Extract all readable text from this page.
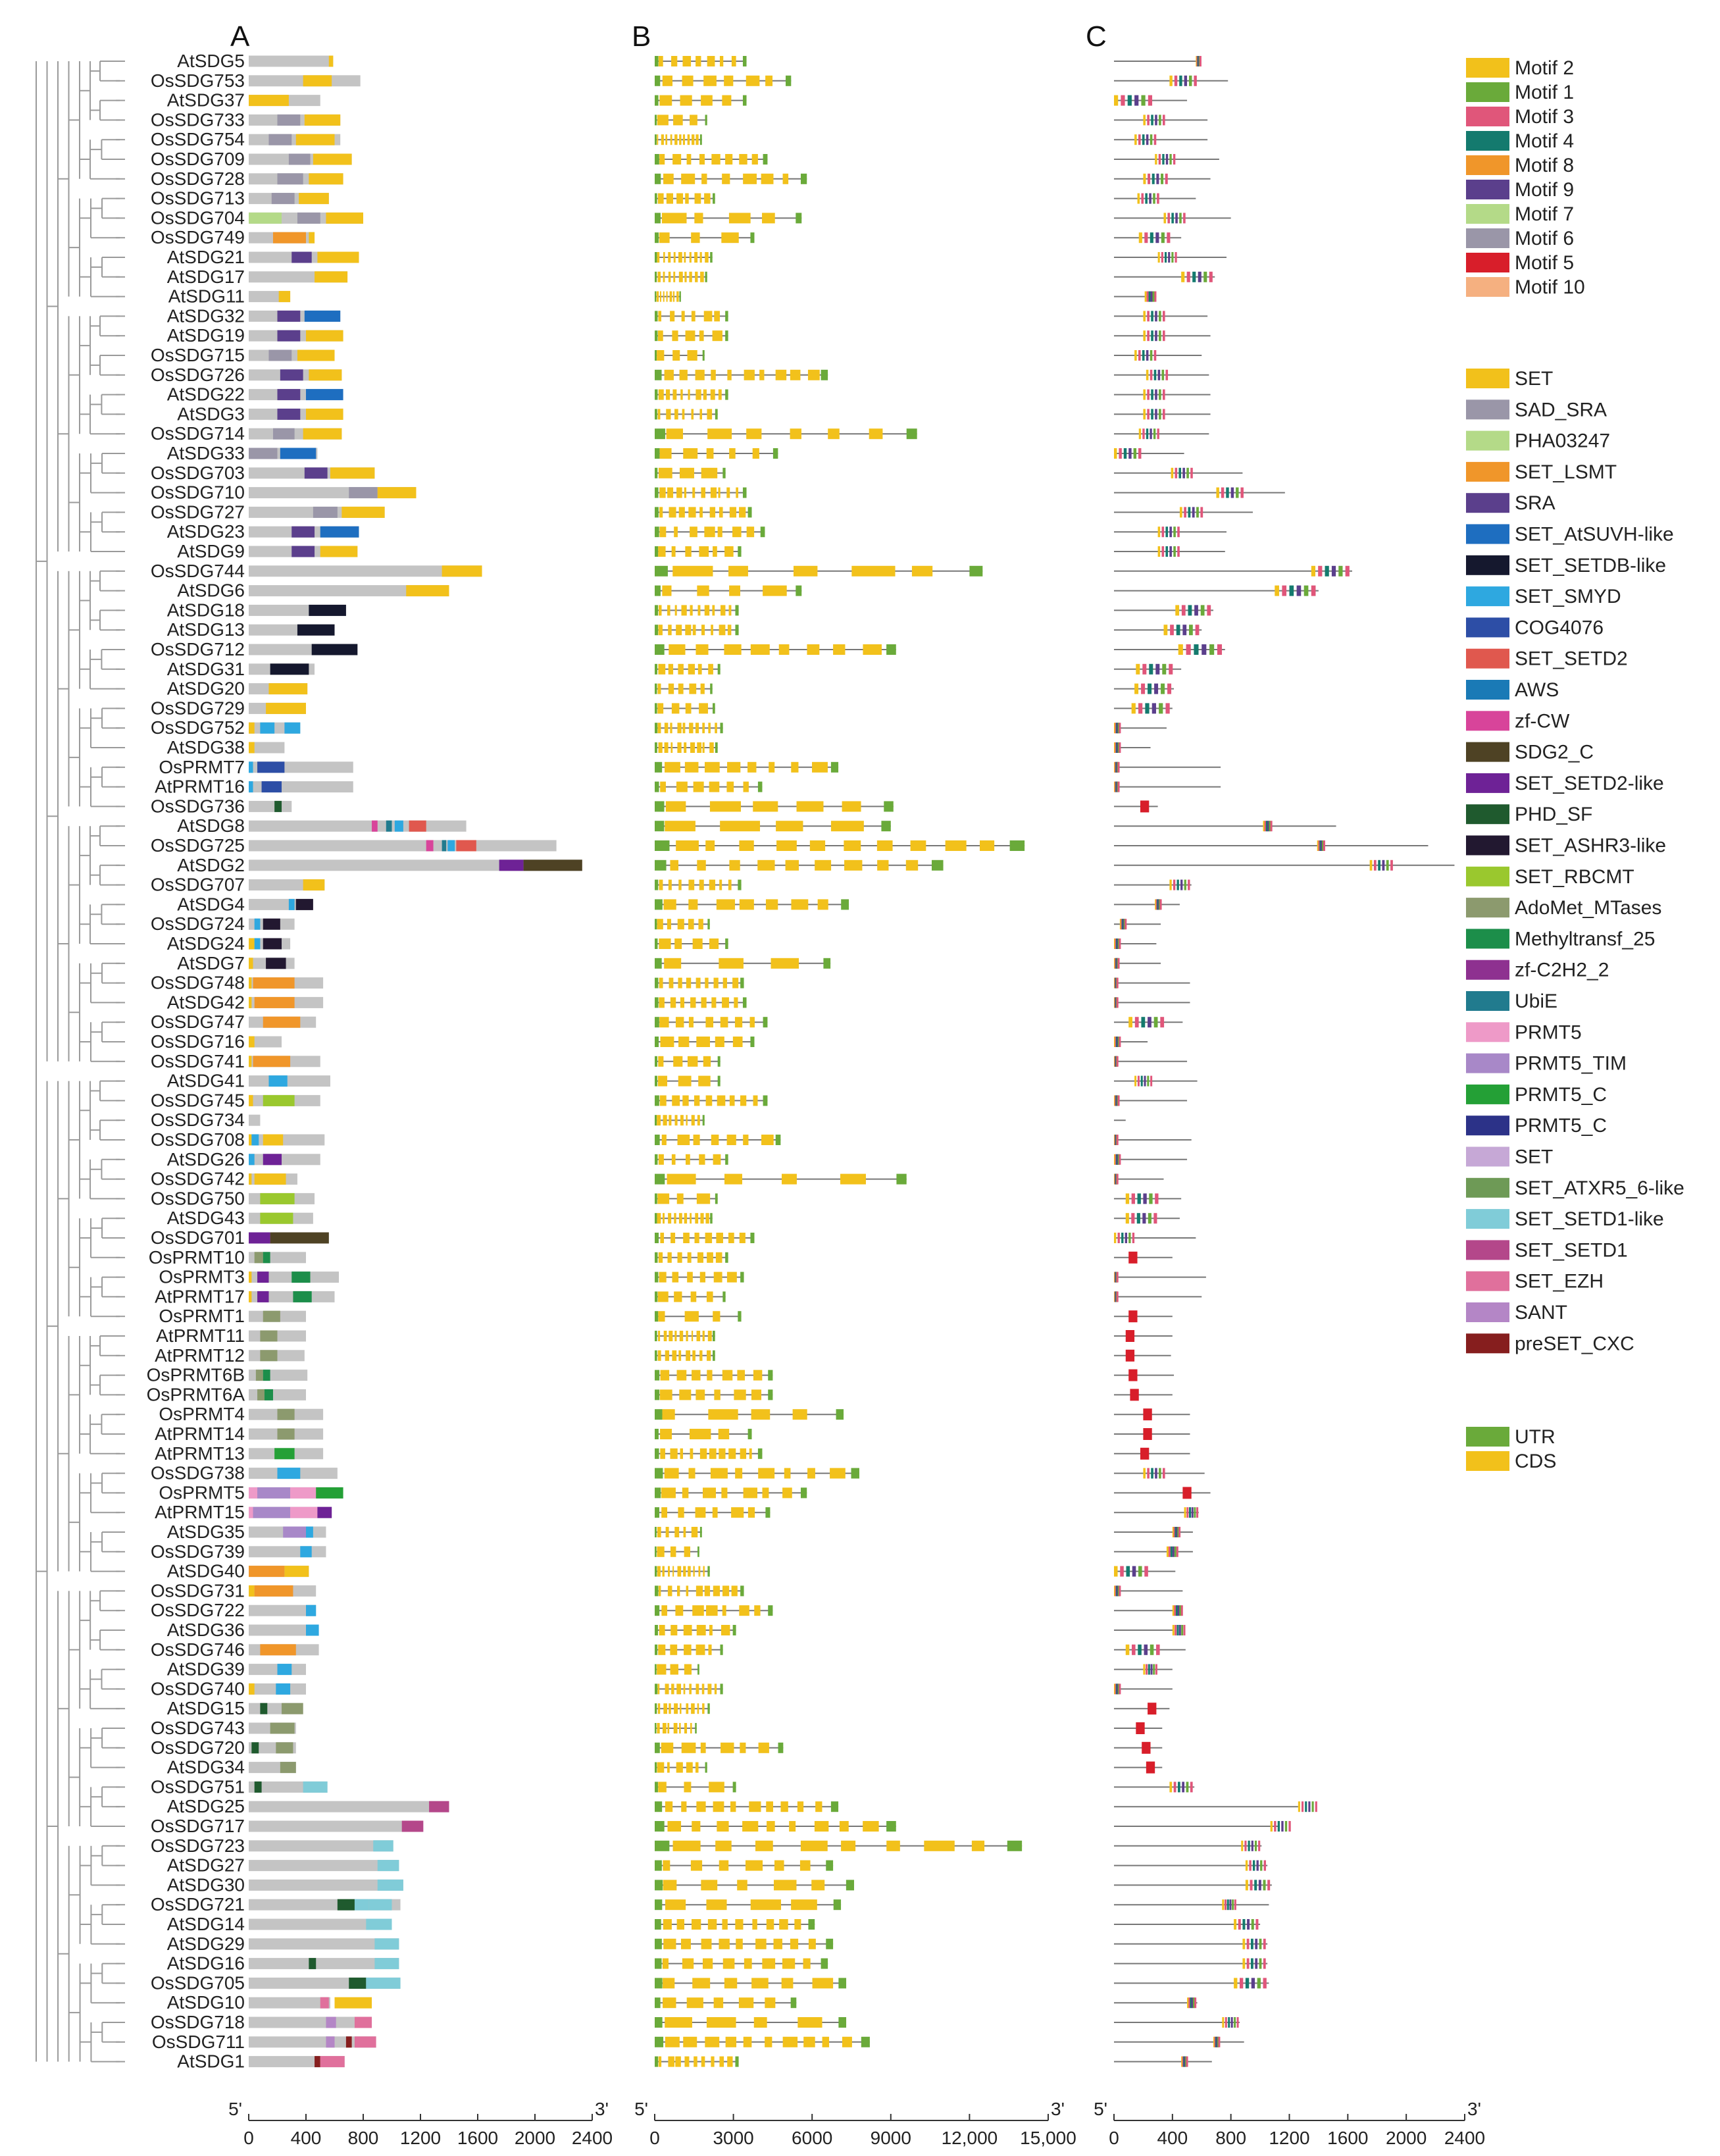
A	B	C
AtSDG5
OsSDG753
AtSDG37
OsSDG733
OsSDG754
OsSDG709
OsSDG728
OsSDG713
OsSDG704
OsSDG749
AtSDG21
AtSDG17
AtSDG11
AtSDG32
AtSDG19
OsSDG715
OsSDG726
AtSDG22
AtSDG3
OsSDG714
AtSDG33
OsSDG703
OsSDG710
OsSDG727
AtSDG23
AtSDG9
OsSDG744
AtSDG6
AtSDG18
AtSDG13
OsSDG712
AtSDG31
AtSDG20
OsSDG729
OsSDG752
AtSDG38
OsPRMT7
AtPRMT16
OsSDG736
AtSDG8
OsSDG725
AtSDG2
OsSDG707
AtSDG4
OsSDG724
AtSDG24
AtSDG7
OsSDG748
AtSDG42
OsSDG747
OsSDG716
OsSDG741
AtSDG41
OsSDG745
OsSDG734
OsSDG708
AtSDG26
OsSDG742
OsSDG750
AtSDG43
OsSDG701
OsPRMT10
OsPRMT3
AtPRMT17
OsPRMT1
AtPRMT11
AtPRMT12
OsPRMT6B
OsPRMT6A
OsPRMT4
AtPRMT14
AtPRMT13
OsSDG738
OsPRMT5
AtPRMT15
AtSDG35
OsSDG739
AtSDG40
OsSDG731
OsSDG722
AtSDG36
OsSDG746
AtSDG39
OsSDG740
AtSDG15
OsSDG743
OsSDG720
AtSDG34
OsSDG751
AtSDG25
OsSDG717
OsSDG723
AtSDG27
AtSDG30
OsSDG721
AtSDG14
AtSDG29
AtSDG16
OsSDG705
AtSDG10
OsSDG718
OsSDG711
AtSDG1
0 400 800 1200 1600 2000 2400
5'	3'
0	3000 6000 9000 12,000 15,000
5'	3'
0 400 800 1200 1600 2000 2400
5'	3'
Motif 2
Motif 1
Motif 3
Motif 4
Motif 8
Motif 9
Motif 7
Motif 6
Motif 5
Motif 10
SET
SAD_SRA
PHA03247
SET_LSMT
SRA
SET_AtSUVH-like
SET_SETDB-like
SET_SMYD
COG4076
SET_SETD2
AWS
zf-CW
SDG2_C
SET_SETD2-like
PHD_SF
SET_ASHR3-like
SET_RBCMT
AdoMet_MTases
Methyltransf_25
zf-C2H2_2
UbiE
PRMT5
PRMT5_TIM
PRMT5_C
PRMT5_C
SET
SET_ATXR5_6-like
SET_SETD1-like
SET_SETD1
SET_EZH
SANT
preSET_CXC
UTR
CDS
